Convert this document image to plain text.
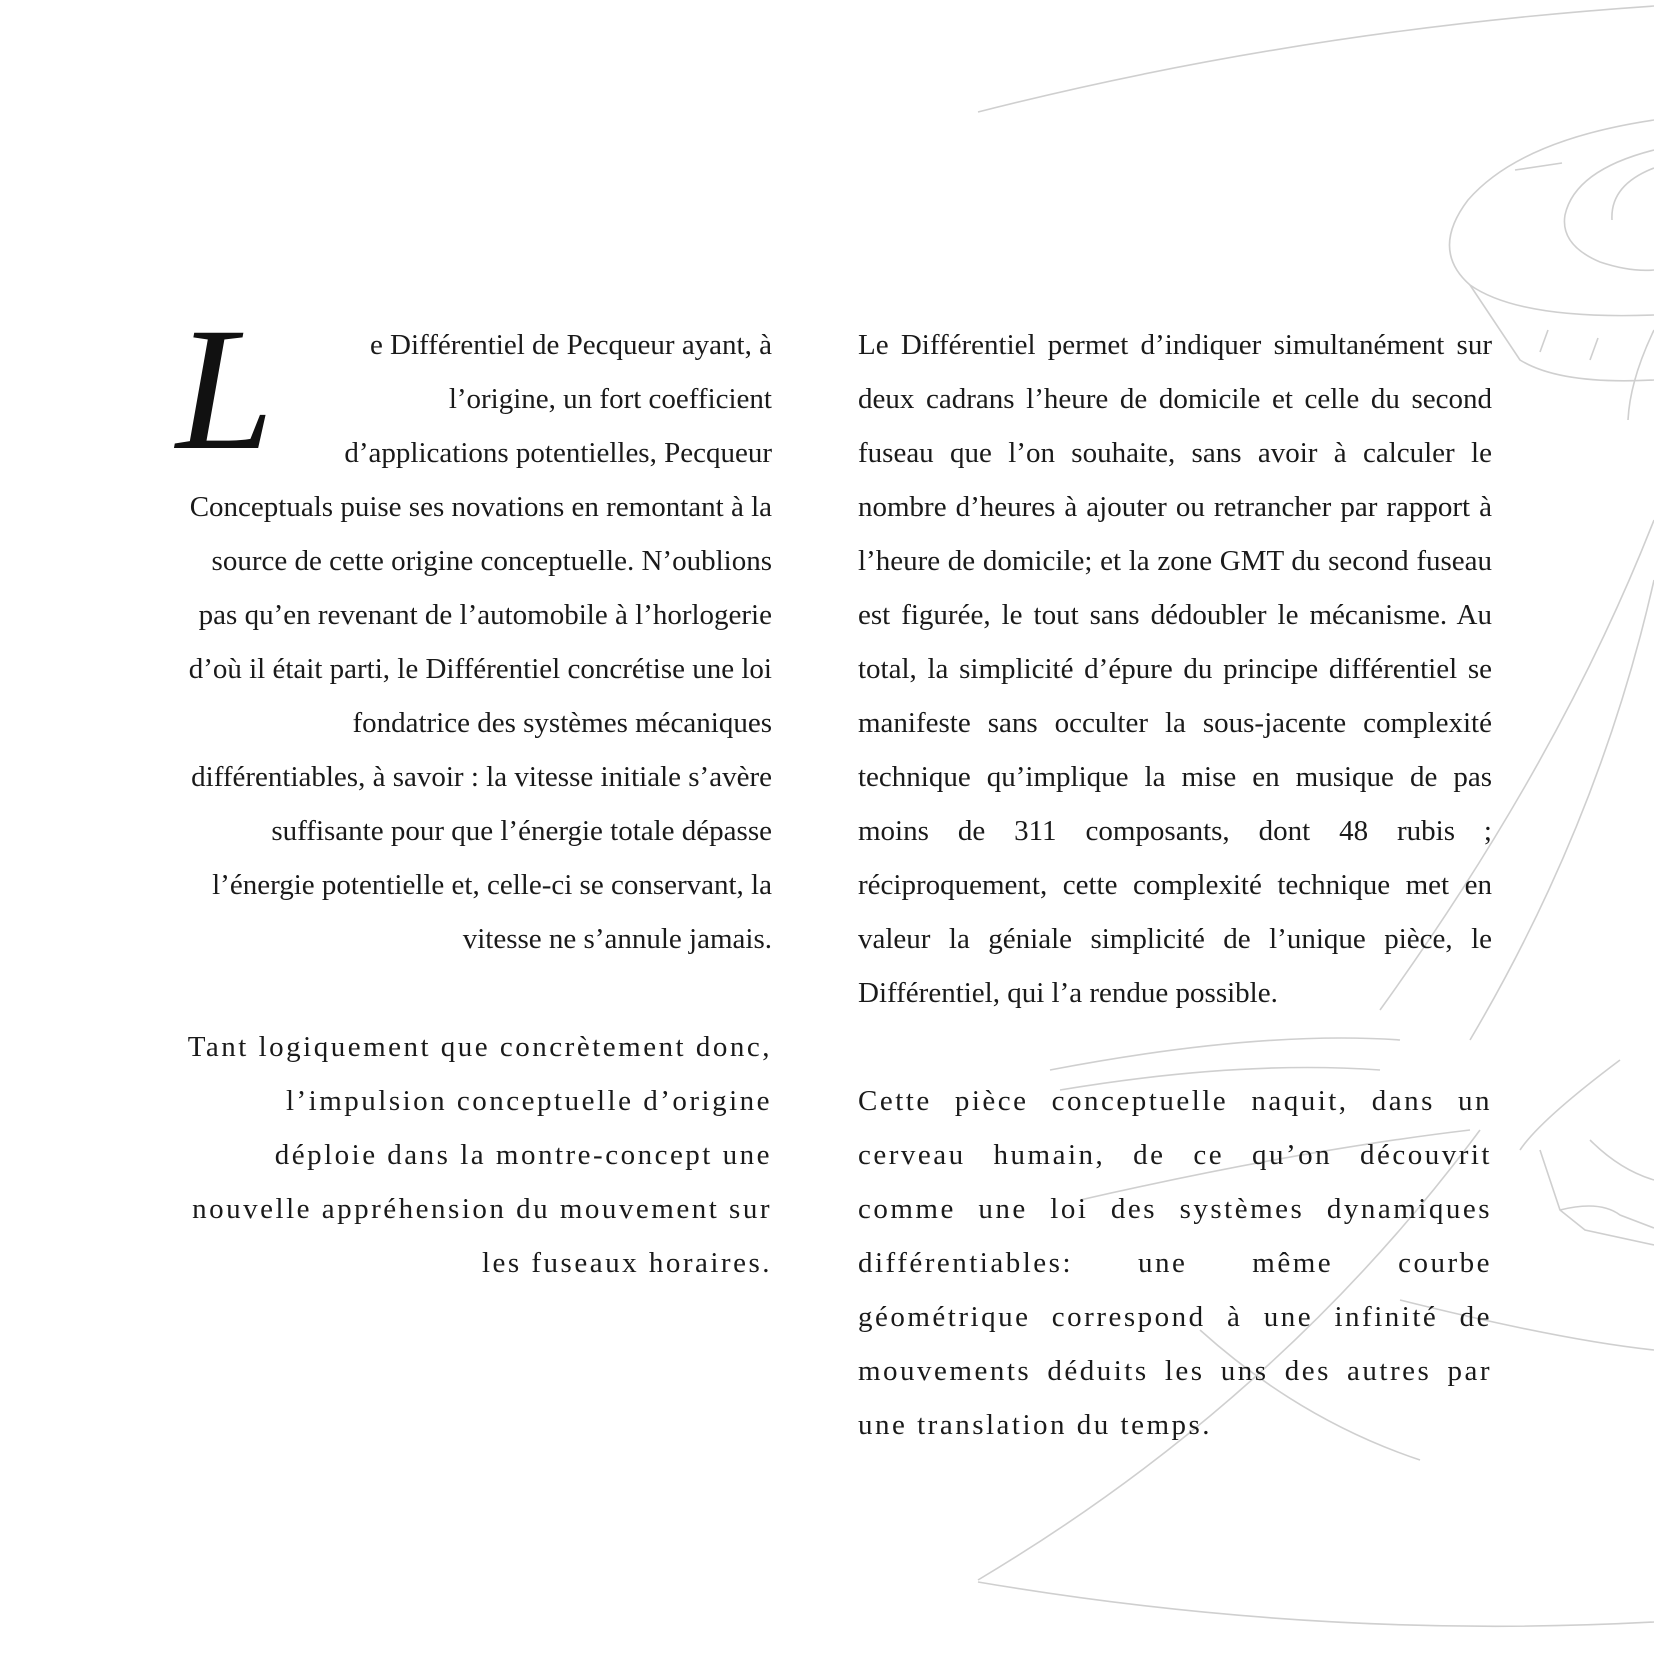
L	e Différentiel de Pecqueur ayant, à l’origine, un fort coefficient d’applications potentielles, Pecqueur Conceptuals puise ses novations en remontant à la source de cette origine conceptuelle. N’oublions pas qu’en revenant de l’automobile à l’horlogerie d’où il était parti, le Différentiel concrétise une loi fondatrice des systèmes mécaniques différentiables, à savoir : la vitesse initiale s’avère suffisante pour que l’énergie totale dépasse l’énergie potentielle et, celle-ci se conservant, la vitesse ne s’annule jamais.

Tant logiquement que concrètement donc, l’impulsion conceptuelle d’origine déploie dans la montre-concept une nouvelle appréhension du mouvement sur les fuseaux horaires.

Le Différentiel permet d’indiquer simultanément sur deux cadrans l’heure de domicile et celle du second fuseau que l’on souhaite, sans avoir à calculer le nombre d’heures à ajouter ou retrancher par rapport à l’heure de domicile; et la zone GMT du second fuseau est figurée, le tout sans dédoubler le mécanisme. Au total, la simplicité d’épure du principe différentiel se manifeste sans occulter la sous-jacente complexité technique qu’implique la mise en musique de pas moins de 311 composants, dont 48 rubis ; réciproquement, cette complexité technique met en valeur la géniale simplicité de l’unique pièce, le Différentiel, qui l’a rendue possible.

Cette pièce conceptuelle naquit, dans un cerveau humain, de ce qu’on découvrit comme une loi des systèmes dynamiques différentiables: une même courbe géométrique correspond à une infinité de mouvements déduits les uns des autres par une translation du temps.
